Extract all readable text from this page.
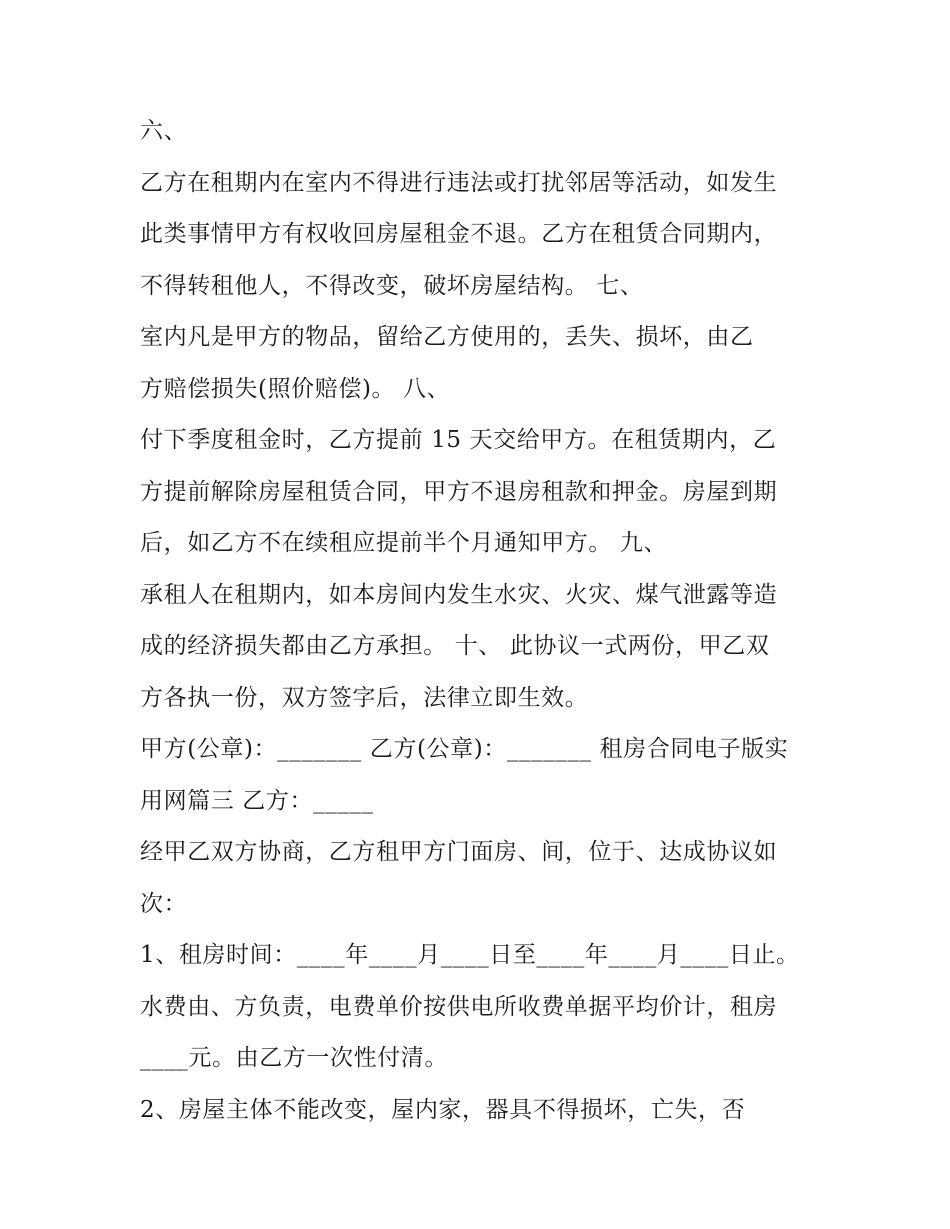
六、
乙方在租期内在室内不得进行违法或打扰邻居等活动，如发生
此类事情甲方有权收回房屋租金不退。乙方在租赁合同期内，
不得转租他人，不得改变，破坏房屋结构。 七、
室内凡是甲方的物品，留给乙方使用的，丢失、损坏，由乙
方赔偿损失(照价赔偿)。 八、
付下季度租金时，乙方提前 15 天交给甲方。在租赁期内，乙
方提前解除房屋租赁合同，甲方不退房租款和押金。房屋到期
后，如乙方不在续租应提前半个月通知甲方。 九、
承租人在租期内，如本房间内发生水灾、火灾、煤气泄露等造
成的经济损失都由乙方承担。 十、 此协议一式两份，甲乙双
方各执一份，双方签字后，法律立即生效。
甲方(公章)：_______ 乙方(公章)：_______ 租房合同电子版实
用网篇三 乙方：_____
经甲乙双方协商，乙方租甲方门面房、间，位于、达成协议如
次：
1、租房时间：____年____月____日至____年____月____日止。
水费由、方负责，电费单价按供电所收费单据平均价计，租房
____元。由乙方一次性付清。
2、房屋主体不能改变，屋内家，器具不得损坏，亡失，否
